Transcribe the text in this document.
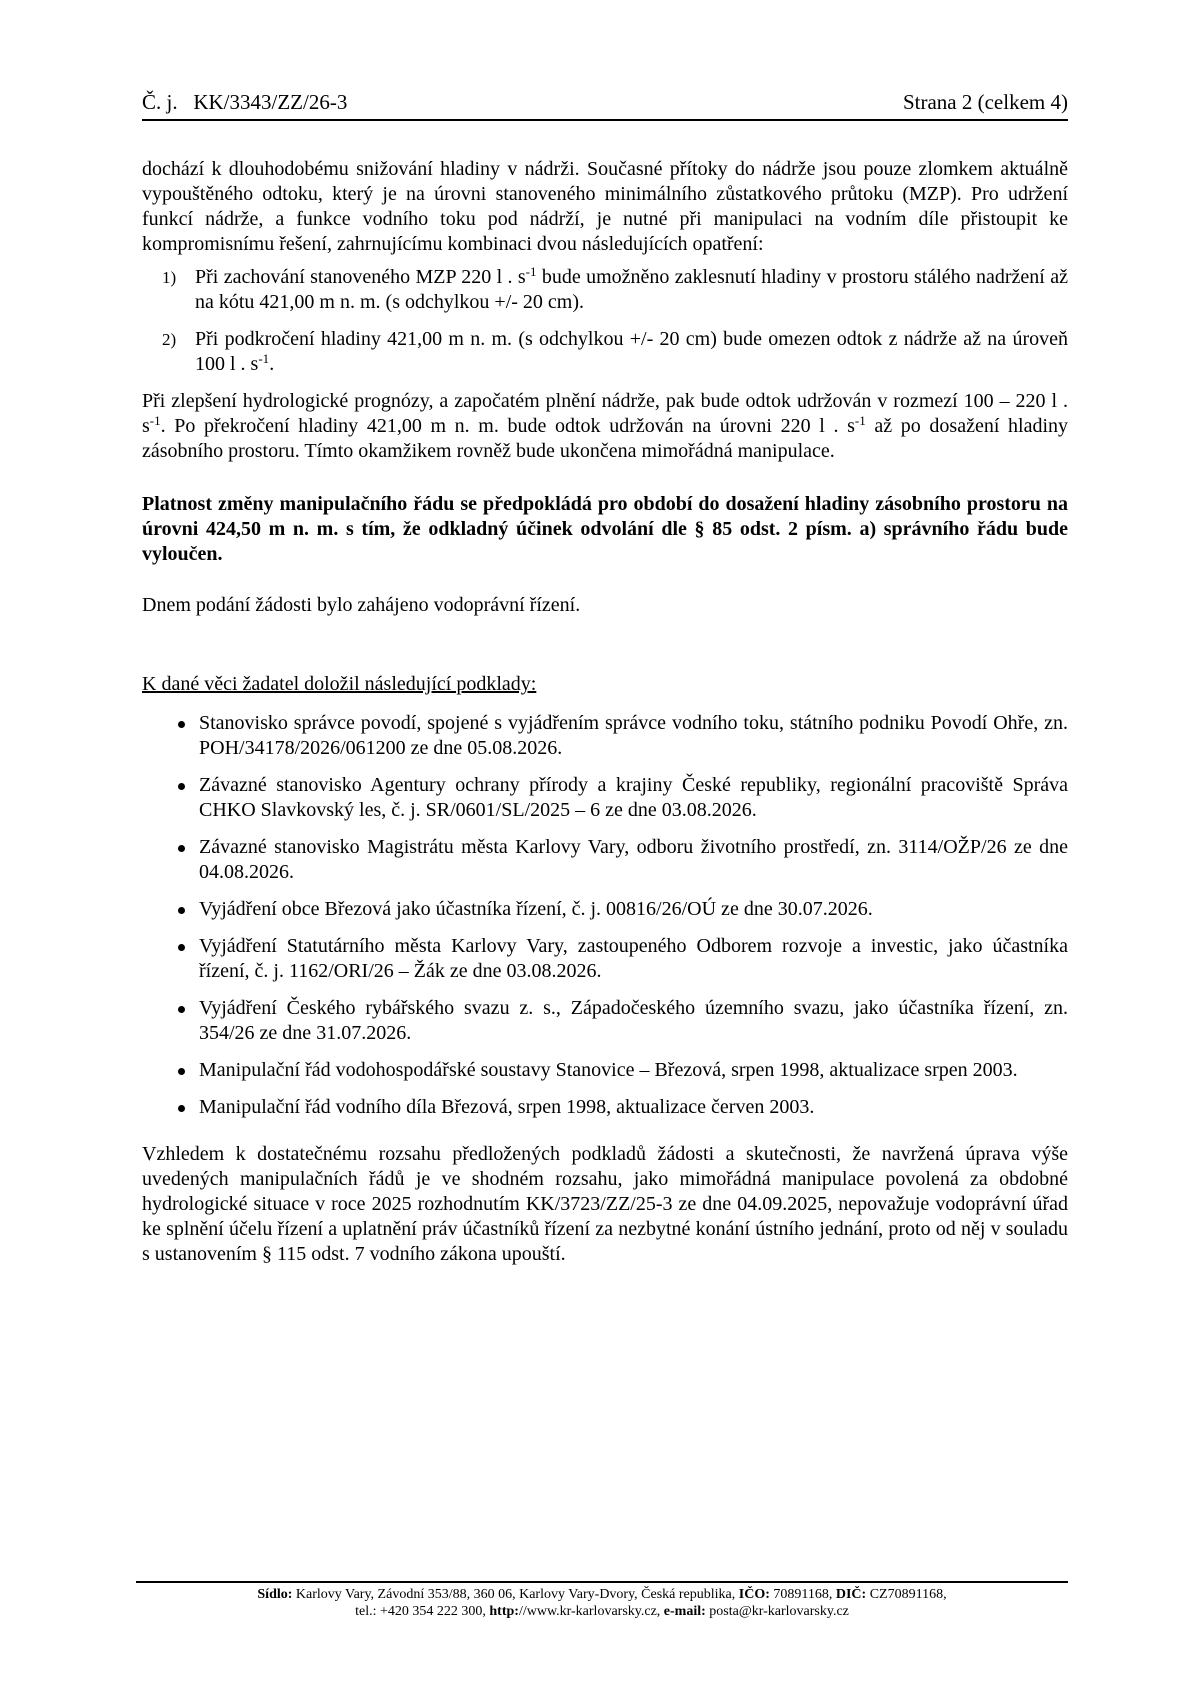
Č. j.   KK/3343/ZZ/26-3	Strana 2 (celkem 4)

dochází k dlouhodobému snižování hladiny v nádrži. Současné přítoky do nádrže jsou pouze zlomkem aktuálně vypouštěného odtoku, který je na úrovni stanoveného minimálního zůstatkového průtoku (MZP). Pro udržení funkcí nádrže, a funkce vodního toku pod nádrží, je nutné při manipulaci na vodním díle přistoupit ke kompromisnímu řešení, zahrnujícímu kombinaci dvou následujících opatření:

1) Při zachování stanoveného MZP 220 l . $s^{-1}$ bude umožněno zaklesnutí hladiny v prostoru stálého nadržení až na kótu 421,00 m n. m. (s odchylkou +/- 20 cm).
2) Při podkročení hladiny 421,00 m n. m. (s odchylkou +/- 20 cm) bude omezen odtok z nádrže až na úroveň 100 l . $s^{-1}$.

Při zlepšení hydrologické prognózy, a započatém plnění nádrže, pak bude odtok udržován v rozmezí 100 – 220 l . $s^{-1}$. Po překročení hladiny 421,00 m n. m. bude odtok udržován na úrovni 220 l . $s^{-1}$ až po dosažení hladiny zásobního prostoru. Tímto okamžikem rovněž bude ukončena mimořádná manipulace.

Platnost změny manipulačního řádu se předpokládá pro období do dosažení hladiny zásobního prostoru na úrovni 424,50 m n. m. s tím, že odkladný účinek odvolání dle § 85 odst. 2 písm. a) správního řádu bude vyloučen.

Dnem podání žádosti bylo zahájeno vodoprávní řízení.

K dané věci žadatel doložil následující podklady:

Stanovisko správce povodí, spojené s vyjádřením správce vodního toku, státního podniku Povodí Ohře, zn. POH/34178/2026/061200 ze dne 05.08.2026.
Závazné stanovisko Agentury ochrany přírody a krajiny České republiky, regionální pracoviště Správa CHKO Slavkovský les, č. j. SR/0601/SL/2025 – 6 ze dne 03.08.2026.
Závazné stanovisko Magistrátu města Karlovy Vary, odboru životního prostředí, zn. 3114/OŽP/26 ze dne 04.08.2026.
Vyjádření obce Březová jako účastníka řízení, č. j. 00816/26/OÚ ze dne 30.07.2026.
Vyjádření Statutárního města Karlovy Vary, zastoupeného Odborem rozvoje a investic, jako účastníka řízení, č. j. 1162/ORI/26 – Žák ze dne 03.08.2026.
Vyjádření Českého rybářského svazu z. s., Západočeského územního svazu, jako účastníka řízení, zn. 354/26 ze dne 31.07.2026.
Manipulační řád vodohospodářské soustavy Stanovice – Březová, srpen 1998, aktualizace srpen 2003.
Manipulační řád vodního díla Březová, srpen 1998, aktualizace červen 2003.

Vzhledem k dostatečnému rozsahu předložených podkladů žádosti a skutečnosti, že navržená úprava výše uvedených manipulačních řádů je ve shodném rozsahu, jako mimořádná manipulace povolená za obdobné hydrologické situace v roce 2025 rozhodnutím KK/3723/ZZ/25-3 ze dne 04.09.2025, nepovažuje vodoprávní úřad ke splnění účelu řízení a uplatnění práv účastníků řízení za nezbytné konání ústního jednání, proto od něj v souladu s ustanovením § 115 odst. 7 vodního zákona upouští.

Sídlo: Karlovy Vary, Závodní 353/88, 360 06, Karlovy Vary-Dvory, Česká republika, IČO: 70891168, DIČ: CZ70891168,
tel.: +420 354 222 300, http://www.kr-karlovarsky.cz, e-mail: posta@kr-karlovarsky.cz
